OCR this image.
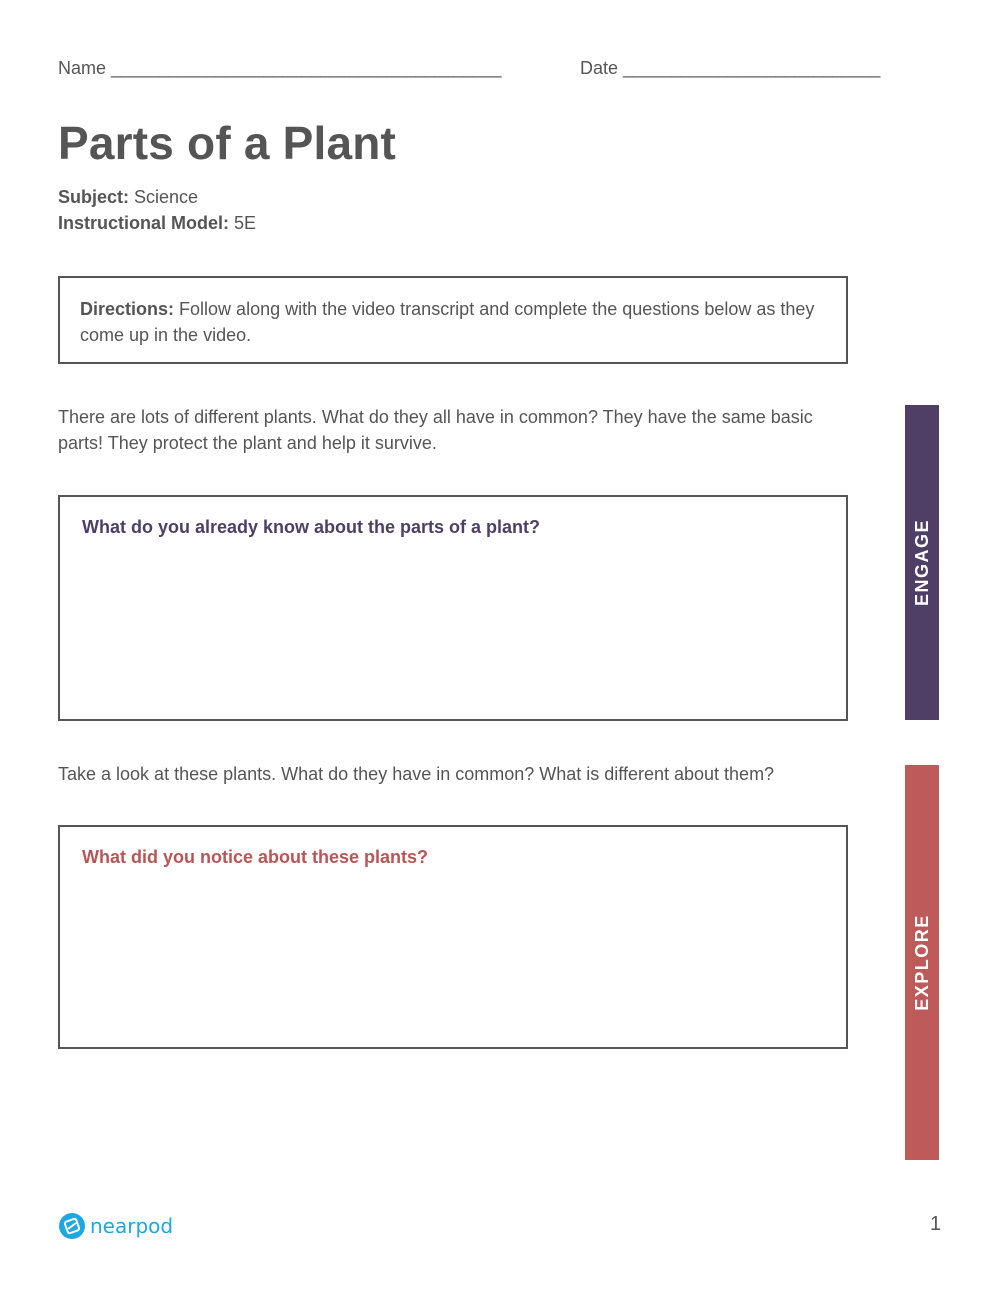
Name _________________________________________	Date ___________________________
Parts of a Plant
Subject: Science
Instructional Model: 5E
Directions: Follow along with the video transcript and complete the questions below as they come up in the video.
There are lots of different plants. What do they all have in common? They have the same basic parts! They protect the plant and help it survive.
What do you already know about the parts of a plant?
Take a look at these plants. What do they have in common? What is different about them?
What did you notice about these plants?
ENGAGE
EXPLORE
nearpod	1
